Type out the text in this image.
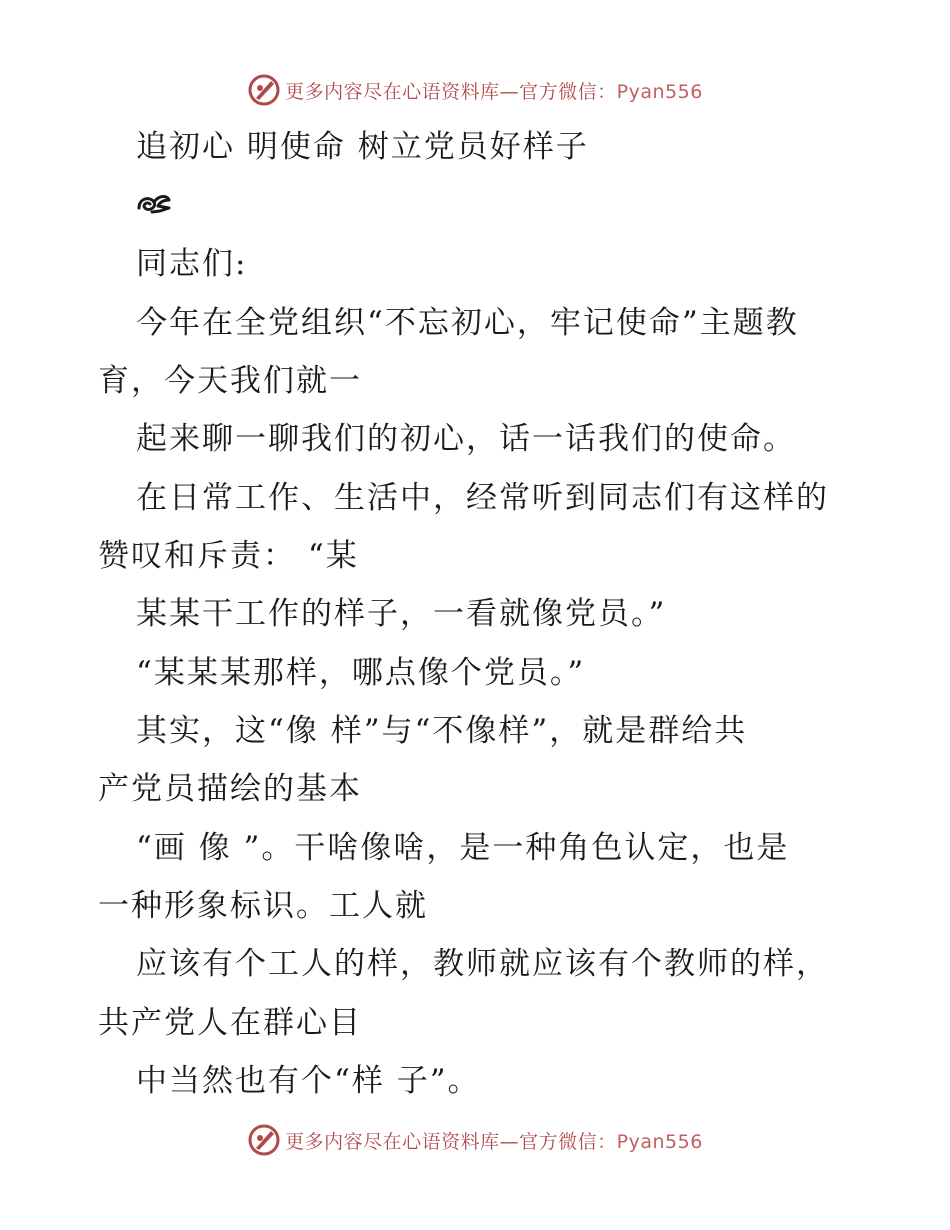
更多内容尽在心语资料库—官方微信：Pyan556
追初心 明使命 树立党员好样子
同志们:
今年在全党组织“不忘初心，牢记使命”主题教
育，今天我们就一
起来聊一聊我们的初心，话一话我们的使命。
在日常工作、生活中，经常听到同志们有这样的
赞叹和斥责： “某
某某干工作的样子，一看就像党员。”
“某某某那样，哪点像个党员。”
其实，这“像 样”与“不像样”，就是群给共
产党员描绘的基本
“画 像 ”。干啥像啥，是一种角色认定，也是
一种形象标识。工人就
应该有个工人的样，教师就应该有个教师的样，
共产党人在群心目
中当然也有个“样 子”。
更多内容尽在心语资料库—官方微信：Pyan556
